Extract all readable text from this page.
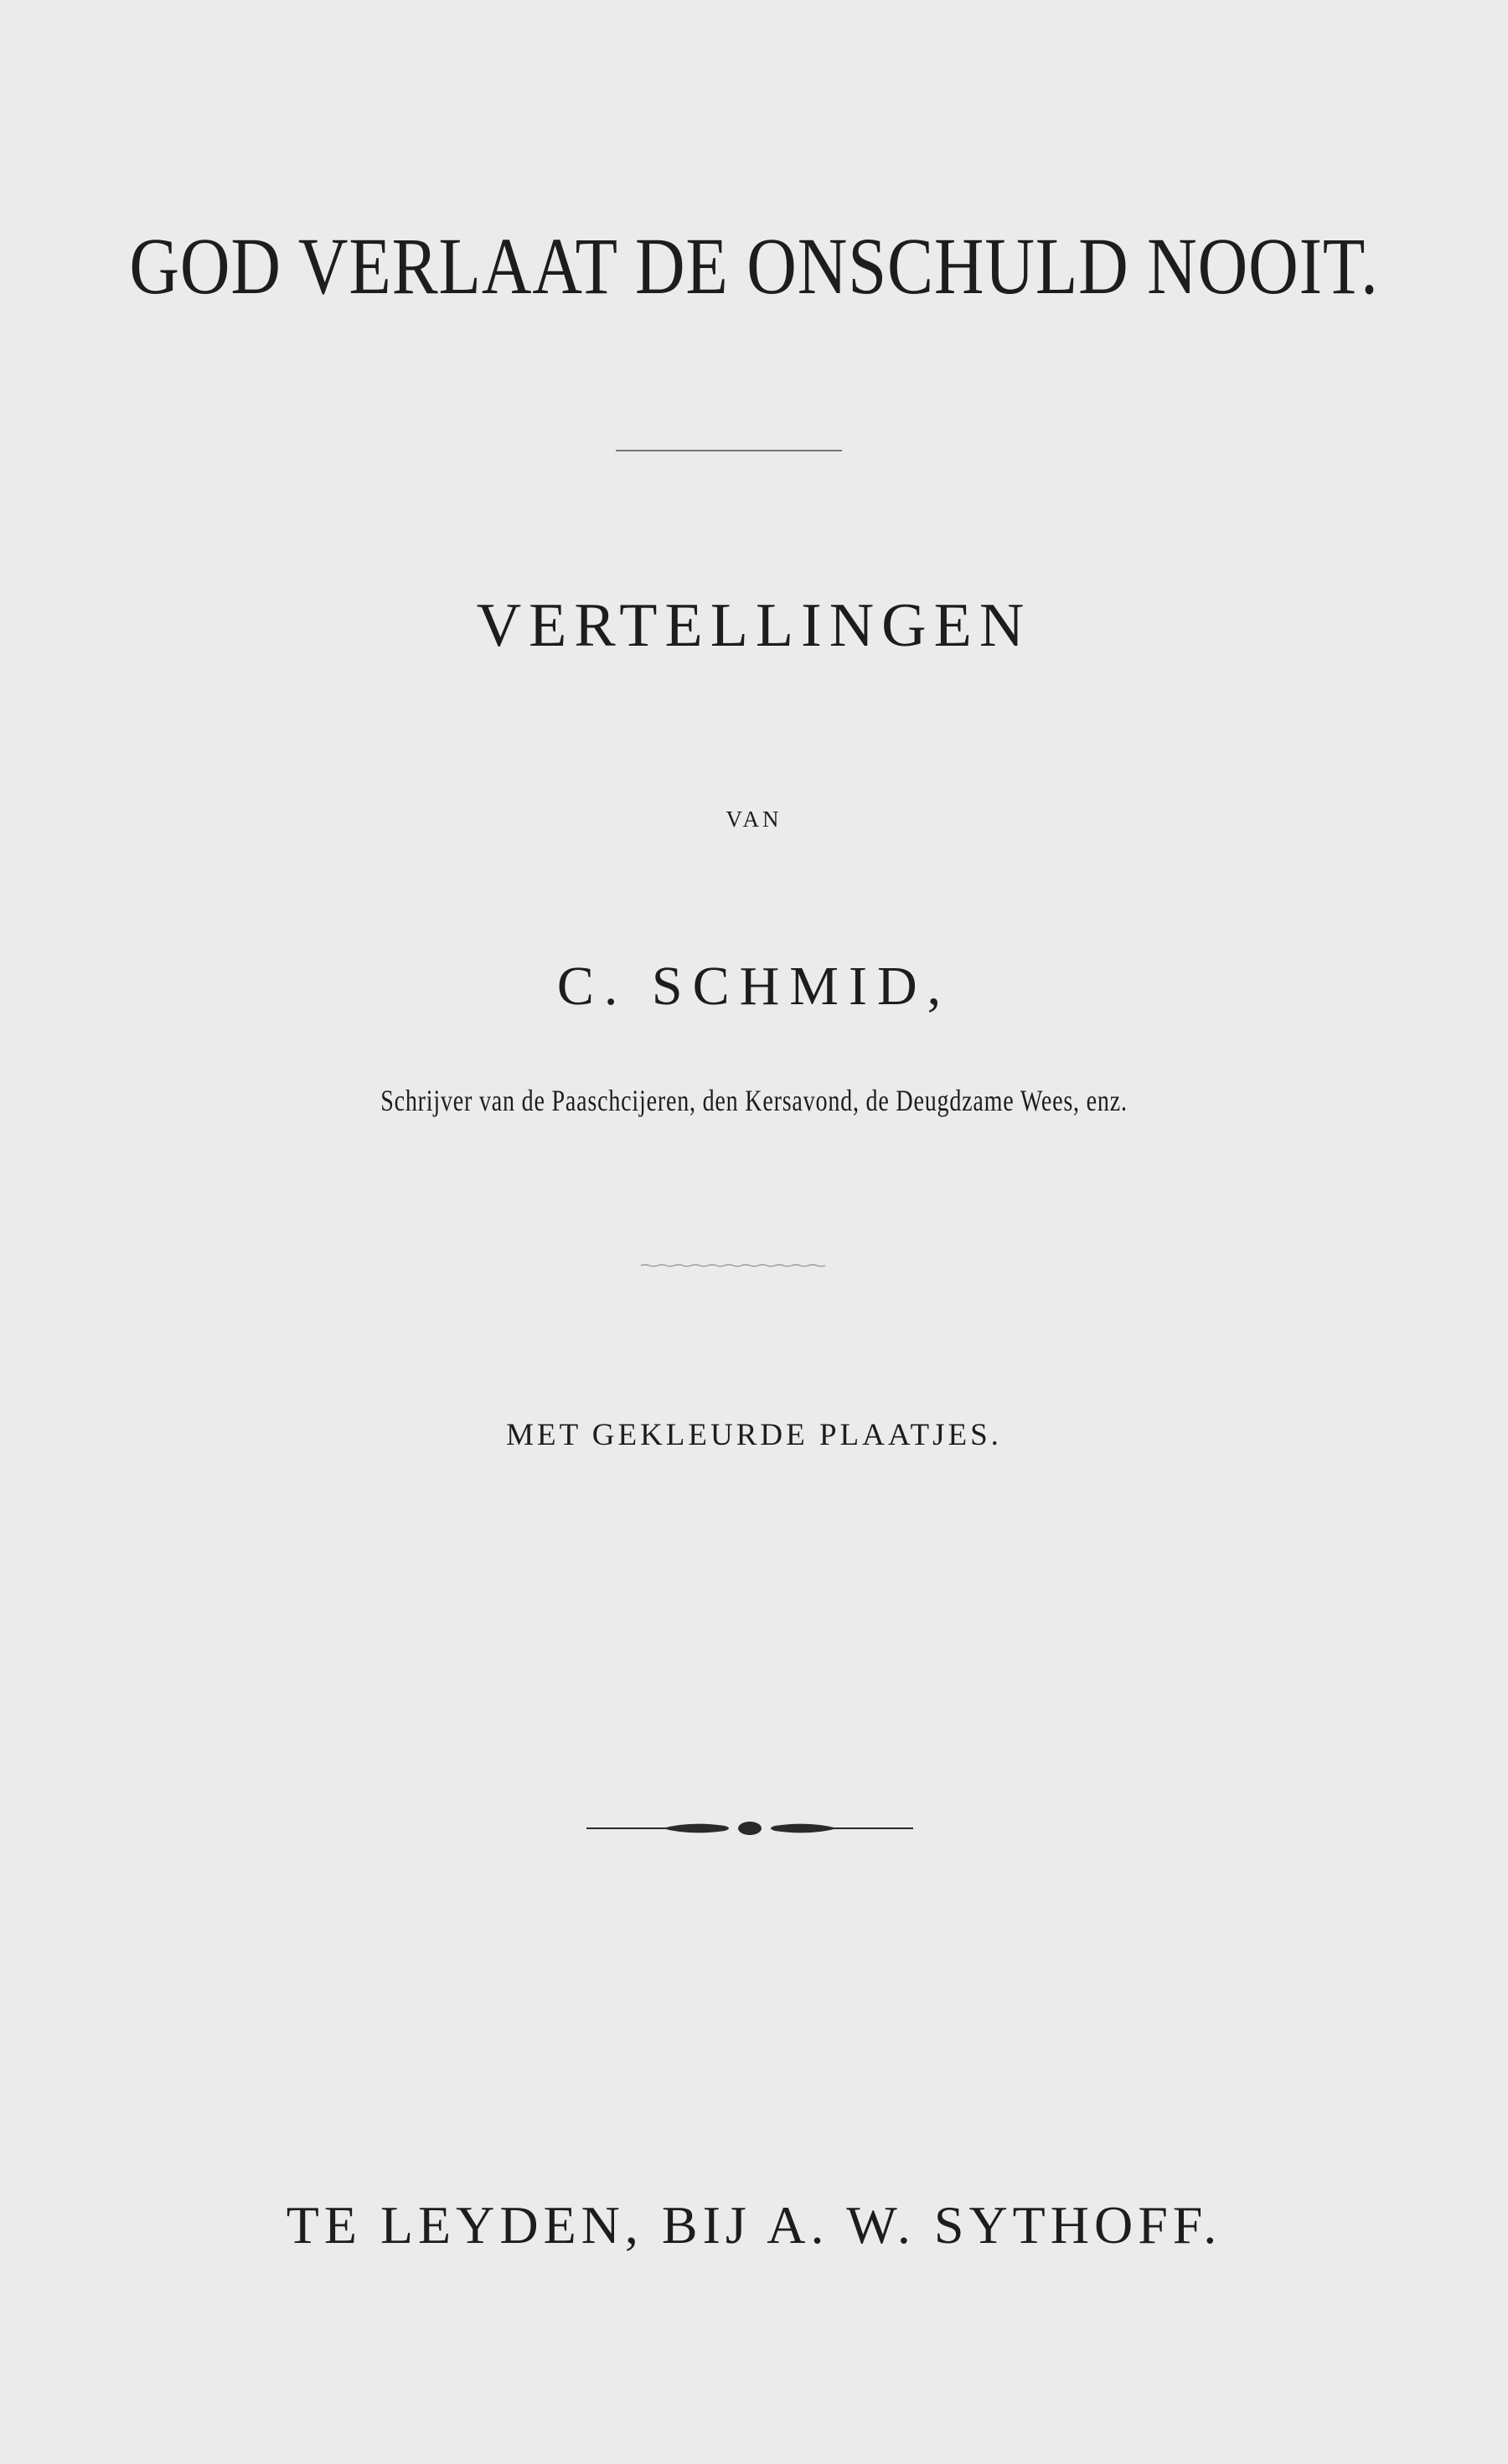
GOD VERLAAT DE ONSCHULD NOOIT.
VERTELLINGEN

VAN

C. SCHMID,

Schrijver van de Paaschcijeren, den Kersavond, de Deugdzame Wees, enz.

MET GEKLEURDE PLAATJES.

TE LEYDEN, BIJ A. W. SYTHOFF.
